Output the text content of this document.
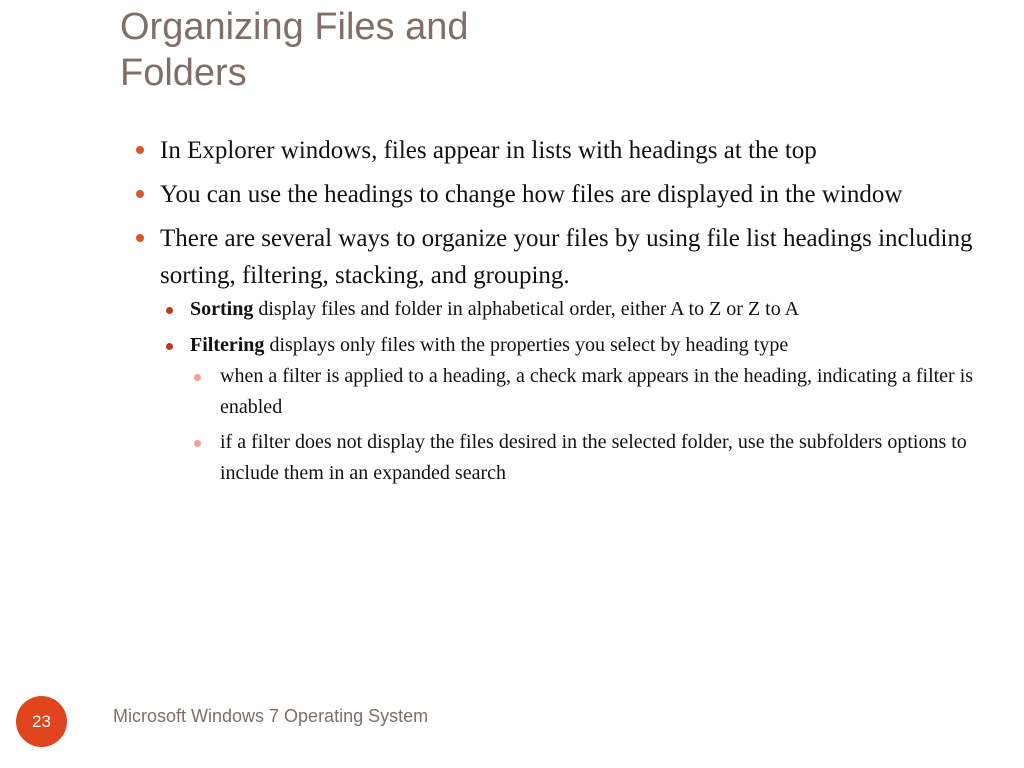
Organizing Files and
Folders
In Explorer windows, files appear in lists with headings at the top
You can use the headings to change how files are displayed in the window
There are several ways to organize your files by using file list headings including sorting, filtering, stacking, and grouping.
Sorting display files and folder in alphabetical order, either A to Z or Z to A
Filtering displays only files with the properties you select by heading type
when a filter is applied to a heading, a check mark appears in the heading, indicating a filter is enabled
if a filter does not display the files desired in the selected folder, use the subfolders options to include them in an expanded search
23	Microsoft Windows 7 Operating System
